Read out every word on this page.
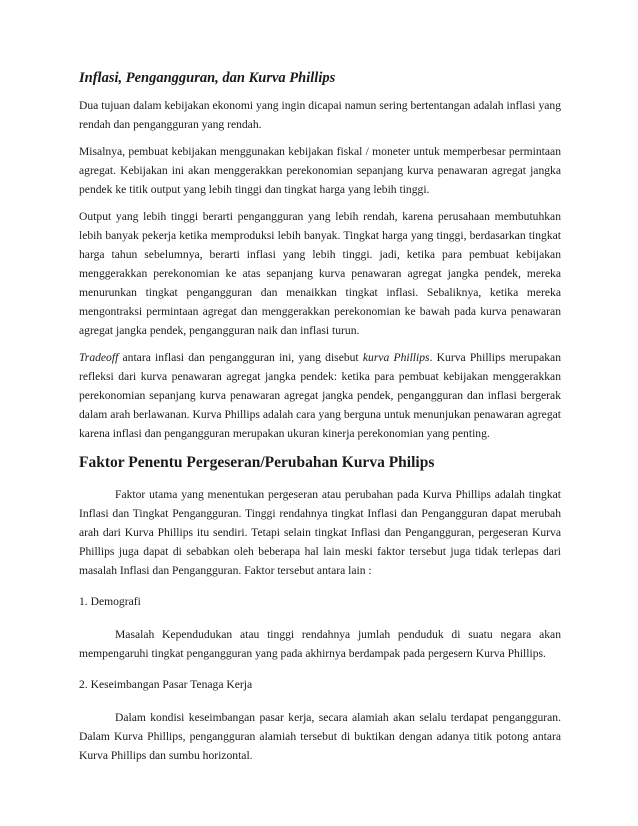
Inflasi, Pengangguran, dan Kurva Phillips

Dua tujuan dalam kebijakan ekonomi yang ingin dicapai namun sering bertentangan adalah inflasi yang rendah dan pengangguran yang rendah.

Misalnya, pembuat kebijakan menggunakan kebijakan fiskal / moneter untuk memperbesar permintaan agregat. Kebijakan ini akan menggerakkan perekonomian sepanjang kurva penawaran agregat jangka pendek ke titik output yang lebih tinggi dan tingkat harga yang lebih tinggi.

Output yang lebih tinggi berarti pengangguran yang lebih rendah, karena perusahaan membutuhkan lebih banyak pekerja ketika memproduksi lebih banyak. Tingkat harga yang tinggi, berdasarkan tingkat harga tahun sebelumnya, berarti inflasi yang lebih tinggi. jadi, ketika para pembuat kebijakan menggerakkan perekonomian ke atas sepanjang kurva penawaran agregat jangka pendek, mereka menurunkan tingkat pengangguran dan menaikkan tingkat inflasi. Sebaliknya, ketika mereka mengontraksi permintaan agregat dan menggerakkan perekonomian ke bawah pada kurva penawaran agregat jangka pendek, pengangguran naik dan inflasi turun.

Tradeoff antara inflasi dan pengangguran ini, yang disebut kurva Phillips. Kurva Phillips merupakan refleksi dari kurva penawaran agregat jangka pendek: ketika para pembuat kebijakan menggerakkan perekonomian sepanjang kurva penawaran agregat jangka pendek, pengangguran dan inflasi bergerak dalam arah berlawanan. Kurva Phillips adalah cara yang berguna untuk menunjukan penawaran agregat karena inflasi dan pengangguran merupakan ukuran kinerja perekonomian yang penting.

Faktor Penentu Pergeseran/Perubahan Kurva Philips

Faktor utama yang menentukan pergeseran atau perubahan pada Kurva Phillips adalah tingkat Inflasi dan Tingkat Pengangguran. Tinggi rendahnya tingkat Inflasi dan Pengangguran dapat merubah arah dari Kurva Phillips itu sendiri. Tetapi selain tingkat Inflasi dan Pengangguran, pergeseran Kurva Phillips juga dapat di sebabkan oleh beberapa hal lain meski faktor tersebut juga tidak terlepas dari masalah Inflasi dan Pengangguran. Faktor tersebut antara lain :

1. Demografi

Masalah Kependudukan atau tinggi rendahnya jumlah penduduk di suatu negara akan mempengaruhi tingkat pengangguran yang pada akhirnya berdampak pada pergesern Kurva Phillips.

2. Keseimbangan Pasar Tenaga Kerja

Dalam kondisi keseimbangan pasar kerja, secara alamiah akan selalu terdapat pengangguran. Dalam Kurva Phillips, pengangguran alamiah tersebut di buktikan dengan adanya titik potong antara Kurva Phillips dan sumbu horizontal.
